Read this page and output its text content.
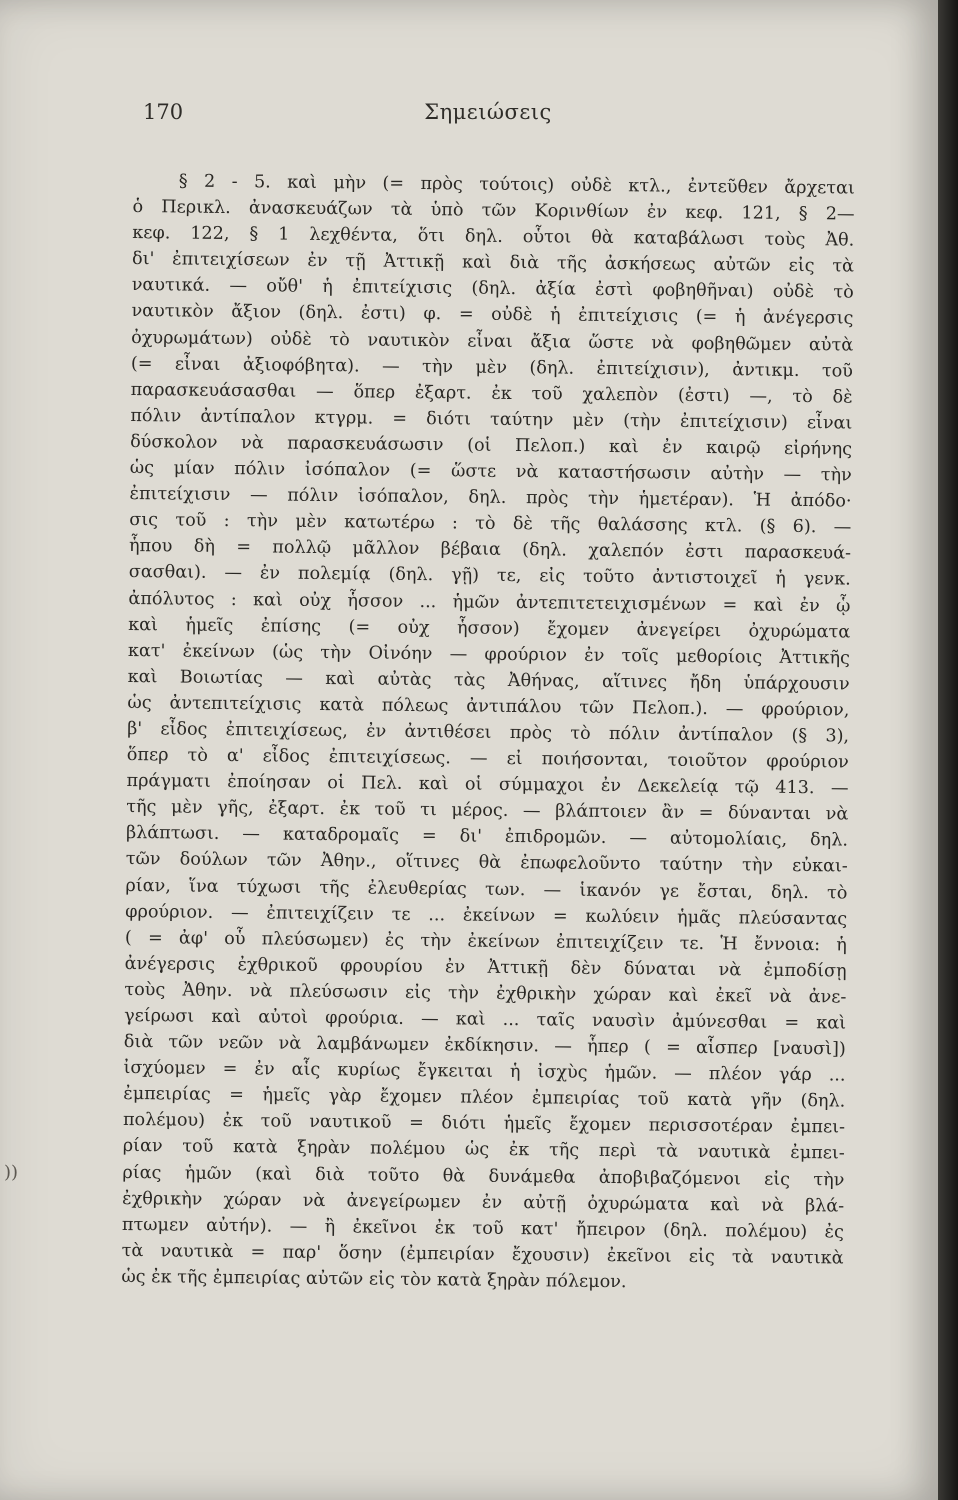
170	Σημειώσεις
))
§ 2 - 5. καὶ μὴν (= πρὸς τούτοις) οὐδὲ κτλ., ἐντεῦθεν ἄρχεται
ὁ Περικλ. ἀνασκευάζων τὰ ὑπὸ τῶν Κορινθίων ἐν κεφ. 121, § 2—
κεφ. 122, § 1 λεχθέντα, ὅτι δηλ. οὗτοι θὰ καταβάλωσι τοὺς Ἀθ.
δι' ἐπιτειχίσεων ἐν τῇ Ἀττικῇ καὶ διὰ τῆς ἀσκήσεως αὐτῶν εἰς τὰ
ναυτικά. — οὔθ' ἡ ἐπιτείχισις (δηλ. ἀξία ἐστὶ φοβηθῆναι) οὐδὲ τὸ
ναυτικὸν ἄξιον (δηλ. ἐστι) φ. = οὐδὲ ἡ ἐπιτείχισις (= ἡ ἀνέγερσις
ὀχυρωμάτων) οὐδὲ τὸ ναυτικὸν εἶναι ἄξια ὥστε νὰ φοβηθῶμεν αὐτὰ
(= εἶναι ἀξιοφόβητα). — τὴν μὲν (δηλ. ἐπιτείχισιν), ἀντικμ. τοῦ
παρασκευάσασθαι — ὅπερ ἐξαρτ. ἐκ τοῦ χαλεπὸν (ἐστι) —, τὸ δὲ
πόλιν ἀντίπαλον κτγρμ. = διότι ταύτην μὲν (τὴν ἐπιτείχισιν) εἶναι
δύσκολον νὰ παρασκευάσωσιν (οἱ Πελοπ.) καὶ ἐν καιρῷ εἰρήνης
ὡς μίαν πόλιν ἰσόπαλον (= ὥστε νὰ καταστήσωσιν αὐτὴν — τὴν
ἐπιτείχισιν — πόλιν ἰσόπαλον, δηλ. πρὸς τὴν ἡμετέραν). Ἡ ἀπόδο·
σις τοῦ : τὴν μὲν κατωτέρω : τὸ δὲ τῆς θαλάσσης κτλ. (§ 6). —
ἧπου δὴ = πολλῷ μᾶλλον βέβαια (δηλ. χαλεπόν ἐστι παρασκευά-
σασθαι). — ἐν πολεμίᾳ (δηλ. γῇ) τε, εἰς τοῦτο ἀντιστοιχεῖ ἡ γενκ.
ἀπόλυτος : καὶ οὐχ ἧσσον ... ἡμῶν ἀντεπιτετειχισμένων = καὶ ἐν ᾧ
καὶ ἡμεῖς ἐπίσης (= οὐχ ἧσσον) ἔχομεν ἀνεγείρει ὀχυρώματα
κατ' ἐκείνων (ὡς τὴν Οἰνόην — φρούριον ἐν τοῖς μεθορίοις Ἀττικῆς
καὶ Βοιωτίας — καὶ αὐτὰς τὰς Ἀθήνας, αἵτινες ἤδη ὑπάρχουσιν
ὡς ἀντεπιτείχισις κατὰ πόλεως ἀντιπάλου τῶν Πελοπ.). — φρούριον,
β' εἶδος ἐπιτειχίσεως, ἐν ἀντιθέσει πρὸς τὸ πόλιν ἀντίπαλον (§ 3),
ὅπερ τὸ α' εἶδος ἐπιτειχίσεως. — εἰ ποιήσονται, τοιοῦτον φρούριον
πράγματι ἐποίησαν οἱ Πελ. καὶ οἱ σύμμαχοι ἐν Δεκελείᾳ τῷ 413. —
τῆς μὲν γῆς, ἐξαρτ. ἐκ τοῦ τι μέρος. — βλάπτοιεν ἂν = δύνανται νὰ
βλάπτωσι. — καταδρομαῖς = δι' ἐπιδρομῶν. — αὐτομολίαις, δηλ.
τῶν δούλων τῶν Ἀθην., οἵτινες θὰ ἐπωφελοῦντο ταύτην τὴν εὐκαι-
ρίαν, ἵνα τύχωσι τῆς ἐλευθερίας των. — ἱκανόν γε ἔσται, δηλ. τὸ
φρούριον. — ἐπιτειχίζειν τε ... ἐκείνων = κωλύειν ἡμᾶς πλεύσαντας
( = ἀφ' οὗ πλεύσωμεν) ἐς τὴν ἐκείνων ἐπιτειχίζειν τε. Ἡ ἔννοια: ἡ
ἀνέγερσις ἐχθρικοῦ φρουρίου ἐν Ἀττικῇ δὲν δύναται νὰ ἐμποδίσῃ
τοὺς Ἀθην. νὰ πλεύσωσιν εἰς τὴν ἐχθρικὴν χώραν καὶ ἐκεῖ νὰ ἀνε-
γείρωσι καὶ αὐτοὶ φρούρια. — καὶ ... ταῖς ναυσὶν ἀμύνεσθαι = καὶ
διὰ τῶν νεῶν νὰ λαμβάνωμεν ἐκδίκησιν. — ἧπερ ( = αἷσπερ [ναυσὶ])
ἰσχύομεν = ἐν αἷς κυρίως ἔγκειται ἡ ἰσχὺς ἡμῶν. — πλέον γάρ ...
ἐμπειρίας = ἡμεῖς γὰρ ἔχομεν πλέον ἐμπειρίας τοῦ κατὰ γῆν (δηλ.
πολέμου) ἐκ τοῦ ναυτικοῦ = διότι ἡμεῖς ἔχομεν περισσοτέραν ἐμπει-
ρίαν τοῦ κατὰ ξηρὰν πολέμου ὡς ἐκ τῆς περὶ τὰ ναυτικὰ ἐμπει-
ρίας ἡμῶν (καὶ διὰ τοῦτο θὰ δυνάμεθα ἀποβιβαζόμενοι εἰς τὴν
ἐχθρικὴν χώραν νὰ ἀνεγείρωμεν ἐν αὐτῇ ὀχυρώματα καὶ νὰ βλά-
πτωμεν αὐτήν). — ἢ ἐκεῖνοι ἐκ τοῦ κατ' ἤπειρον (δηλ. πολέμου) ἐς
τὰ ναυτικὰ = παρ' ὅσην (ἐμπειρίαν ἔχουσιν) ἐκεῖνοι εἰς τὰ ναυτικὰ
ὡς ἐκ τῆς ἐμπειρίας αὐτῶν εἰς τὸν κατὰ ξηρὰν πόλεμον.
